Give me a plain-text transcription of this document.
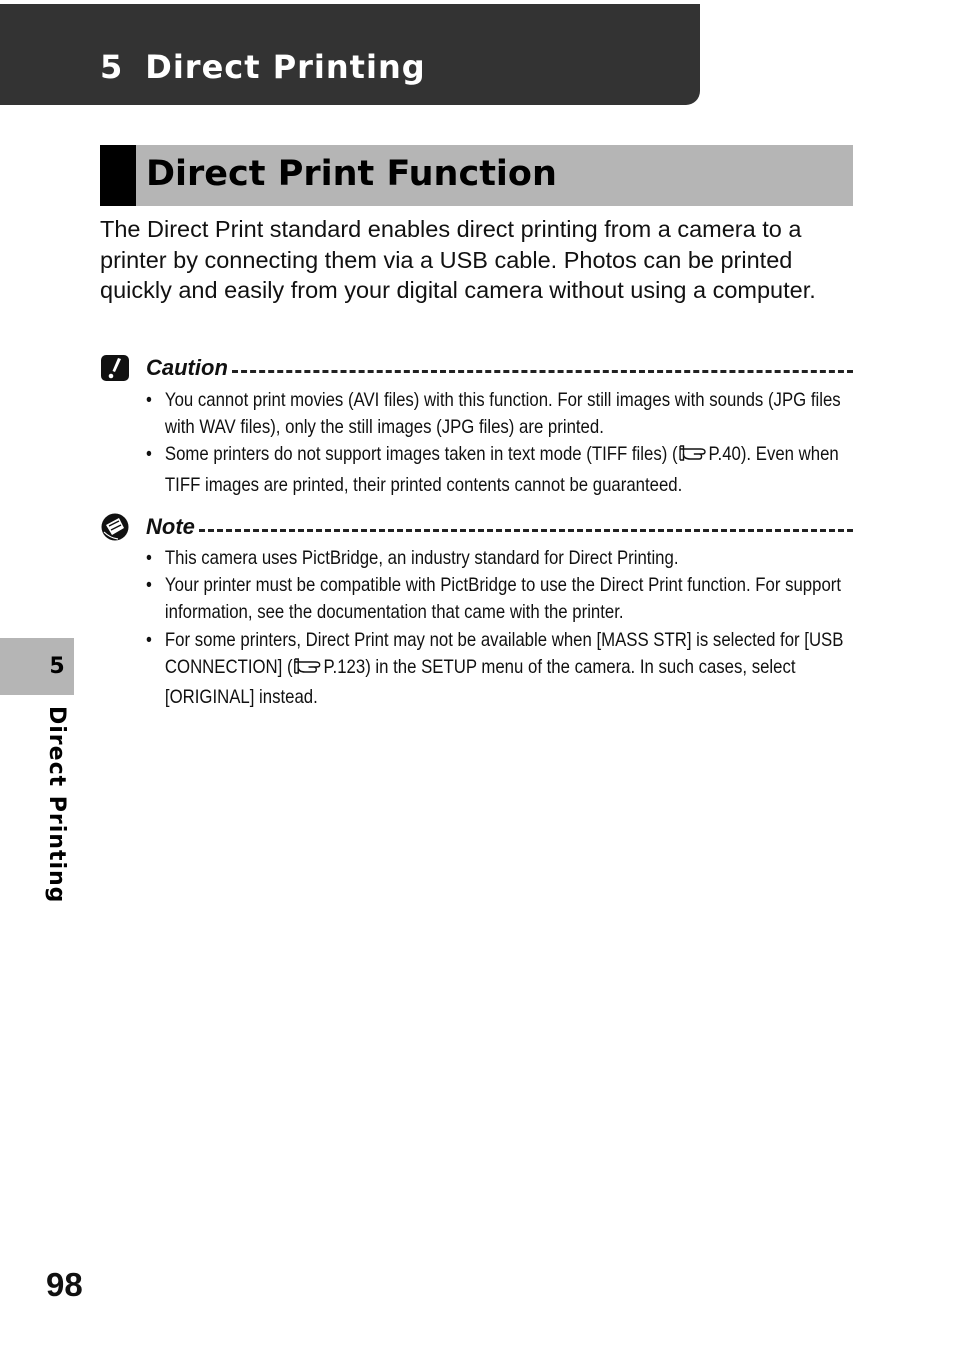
5 Direct Printing
Direct Print Function

The Direct Print standard enables direct printing from a camera to a printer by connecting them via a USB cable. Photos can be printed quickly and easily from your digital camera without using a computer.

Caution
• You cannot print movies (AVI files) with this function. For still images with sounds (JPG files with WAV files), only the still images (JPG files) are printed.
• Some printers do not support images taken in text mode (TIFF files) ( P.40). Even when TIFF images are printed, their printed contents cannot be guaranteed.
Note
• This camera uses PictBridge, an industry standard for Direct Printing.
• Your printer must be compatible with PictBridge to use the Direct Print function. For support information, see the documentation that came with the printer.
• For some printers, Direct Print may not be available when [MASS STR] is selected for [USB CONNECTION] ( P.123) in the SETUP menu of the camera. In such cases, select [ORIGINAL] instead.
5

Direct Printing

98
